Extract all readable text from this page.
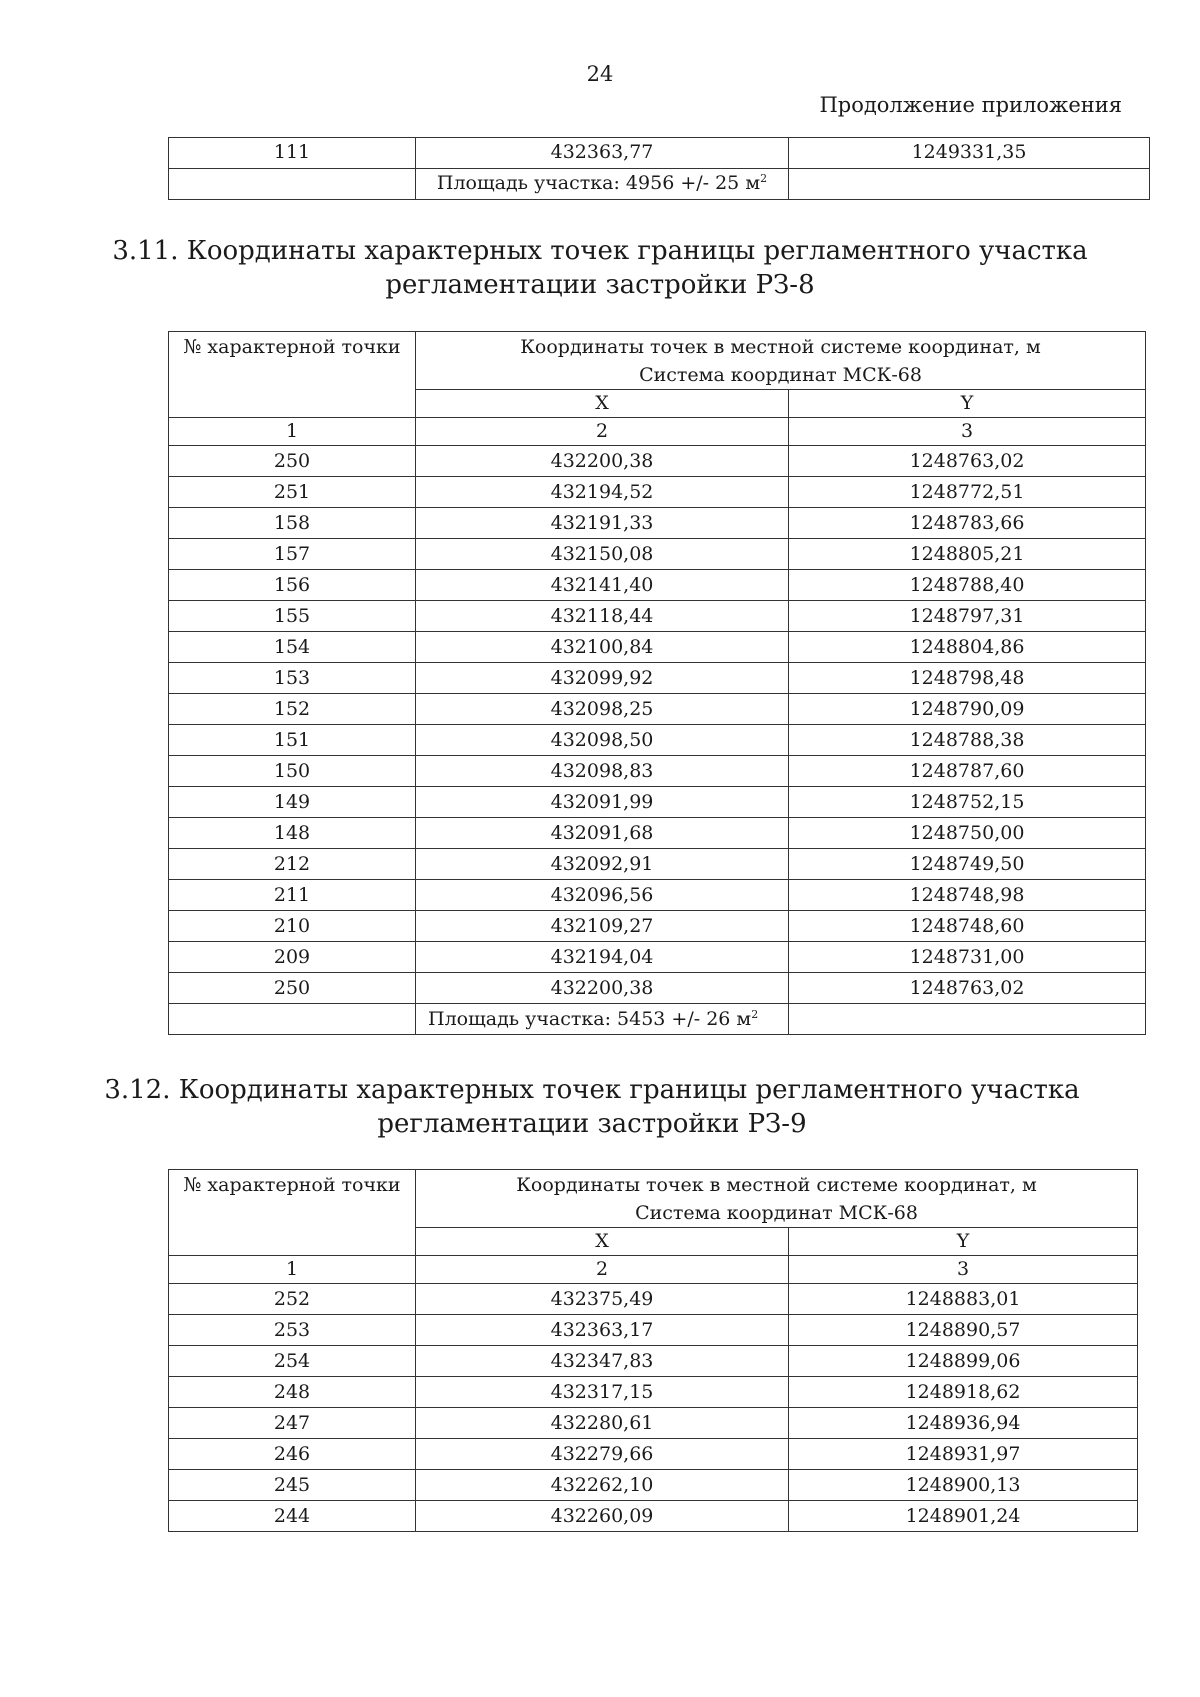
24
Продолжение приложения
111	432363,77	1249331,35
	Площадь участка: 4956 +/- 25 $м^2$	
3.11. Координаты характерных точек границы регламентного участка
регламентации застройки РЗ-8
№ характерной точки	Координаты точек в местной системе координат, м
Система координат МСК-68	

	X	Y
1	2	3
250	432200,38	1248763,02
251	432194,52	1248772,51
158	432191,33	1248783,66
157	432150,08	1248805,21
156	432141,40	1248788,40
155	432118,44	1248797,31
154	432100,84	1248804,86
153	432099,92	1248798,48
152	432098,25	1248790,09
151	432098,50	1248788,38
150	432098,83	1248787,60
149	432091,99	1248752,15
148	432091,68	1248750,00
212	432092,91	1248749,50
211	432096,56	1248748,98
210	432109,27	1248748,60
209	432194,04	1248731,00
250	432200,38	1248763,02
	Площадь участка: 5453 +/- 26 $м^2$	
3.12. Координаты характерных точек границы регламентного участка
регламентации застройки РЗ-9
№ характерной точки	Координаты точек в местной системе координат, м
Система координат МСК-68	

	X	Y
1	2	3
252	432375,49	1248883,01
253	432363,17	1248890,57
254	432347,83	1248899,06
248	432317,15	1248918,62
247	432280,61	1248936,94
246	432279,66	1248931,97
245	432262,10	1248900,13
244	432260,09	1248901,24
